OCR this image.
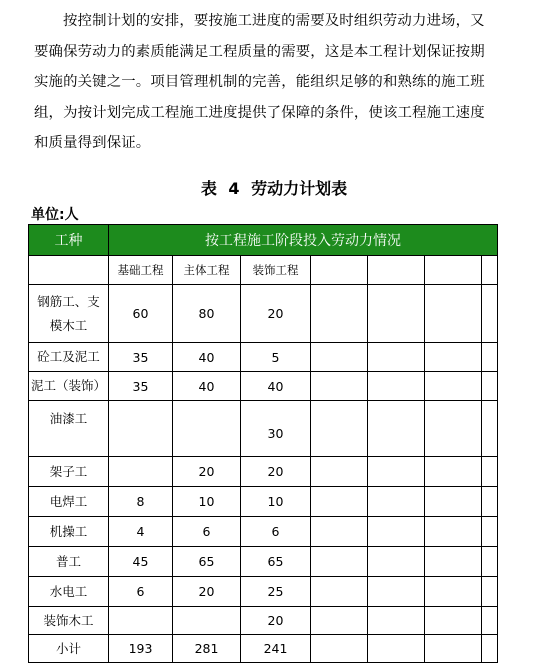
按控制计划的安排，要按施工进度的需要及时组织劳动力进场，又
要确保劳动力的素质能满足工程质量的需要，这是本工程计划保证按期
实施的关键之一。项目管理机制的完善，能组织足够的和熟练的施工班
组，为按计划完成工程施工进度提供了保障的条件，使该工程施工速度
和质量得到保证。
表 4 劳动力计划表
单位:人
工种	按工程施工阶段投入劳动力情况						
	基础工程	主体工程	装饰工程				

钢筋工、支
模木工	60	80	20				
砼工及泥工	35	40	5				
泥工（装饰）	35	40	40				
油漆工			30				
架子工		20	20				
电焊工	8	10	10				
机操工	4	6	6				
普工	45	65	65				
水电工	6	20	25				
装饰木工			20				
小计	193	281	241				
